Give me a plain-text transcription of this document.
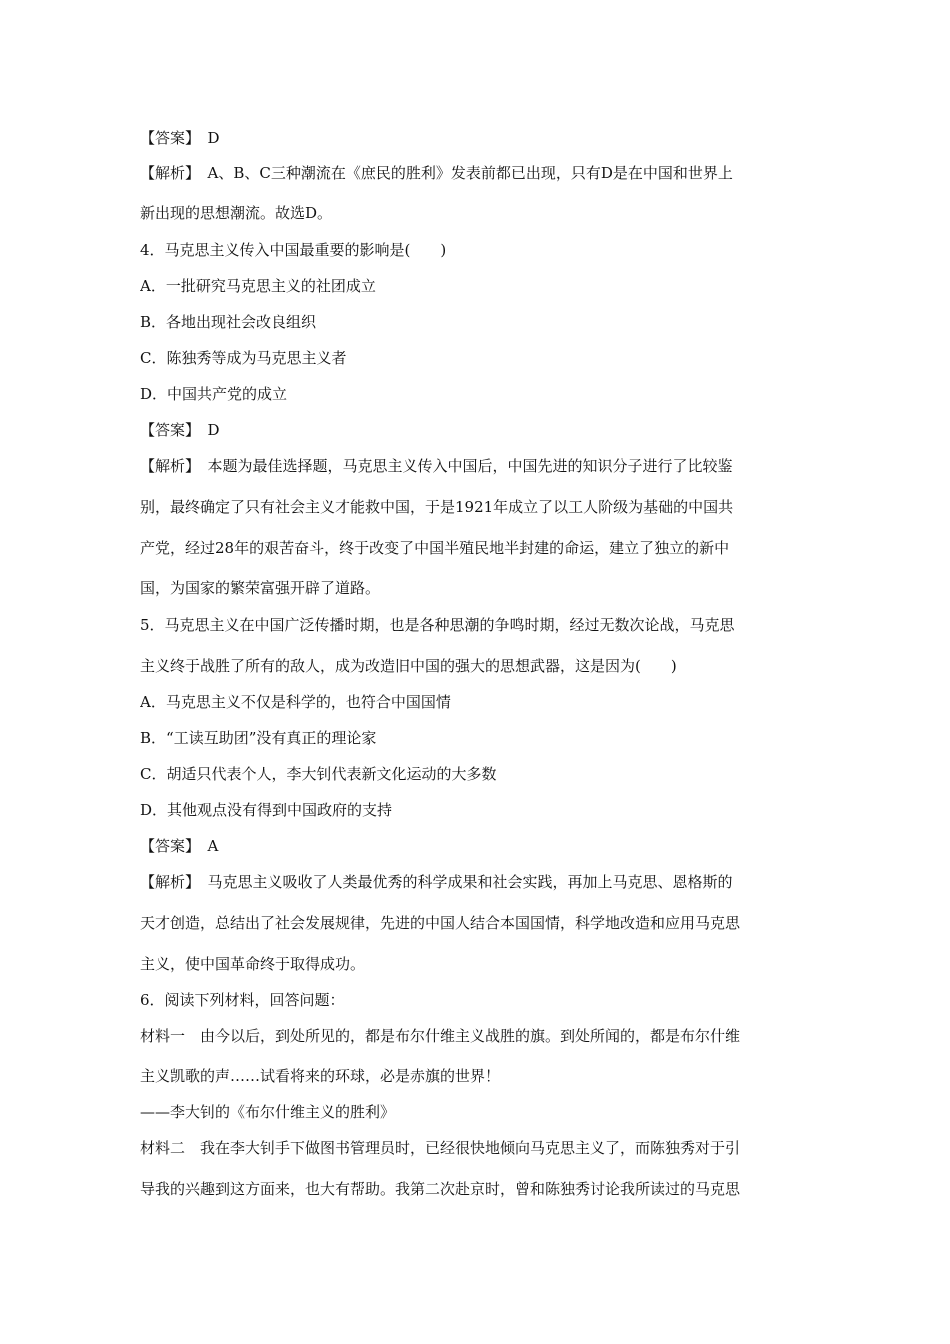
【答案】　D
【解析】　A、B、C三种潮流在《庶民的胜利》发表前都已出现，只有D是在中国和世界上
新出现的思想潮流。故选D。
4．马克思主义传入中国最重要的影响是(　　)
A．一批研究马克思主义的社团成立
B．各地出现社会改良组织
C．陈独秀等成为马克思主义者
D．中国共产党的成立
【答案】　D
【解析】　本题为最佳选择题，马克思主义传入中国后，中国先进的知识分子进行了比较鉴
别，最终确定了只有社会主义才能救中国，于是1921年成立了以工人阶级为基础的中国共
产党，经过28年的艰苦奋斗，终于改变了中国半殖民地半封建的命运，建立了独立的新中
国，为国家的繁荣富强开辟了道路。
5．马克思主义在中国广泛传播时期，也是各种思潮的争鸣时期，经过无数次论战，马克思
主义终于战胜了所有的敌人，成为改造旧中国的强大的思想武器，这是因为(　　)
A．马克思主义不仅是科学的，也符合中国国情
B．“工读互助团”没有真正的理论家
C．胡适只代表个人，李大钊代表新文化运动的大多数
D．其他观点没有得到中国政府的支持
【答案】　A
【解析】　马克思主义吸收了人类最优秀的科学成果和社会实践，再加上马克思、恩格斯的
天才创造，总结出了社会发展规律，先进的中国人结合本国国情，科学地改造和应用马克思
主义，使中国革命终于取得成功。
6．阅读下列材料，回答问题：
材料一　由今以后，到处所见的，都是布尔什维主义战胜的旗。到处所闻的，都是布尔什维
主义凯歌的声……试看将来的环球，必是赤旗的世界！
——李大钊的《布尔什维主义的胜利》
材料二　我在李大钊手下做图书管理员时，已经很快地倾向马克思主义了，而陈独秀对于引
导我的兴趣到这方面来，也大有帮助。我第二次赴京时，曾和陈独秀讨论我所读过的马克思
